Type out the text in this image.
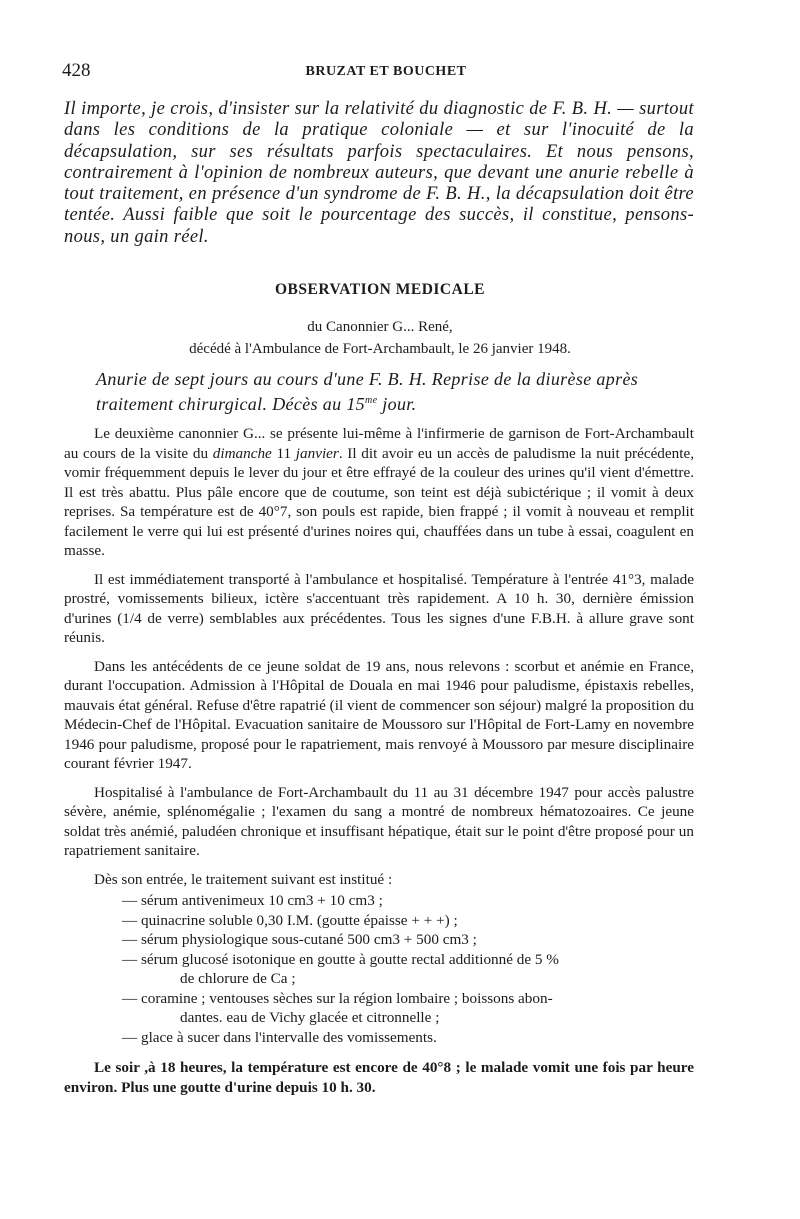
428	BRUZAT ET BOUCHET

Il importe, je crois, d'insister sur la relativité du diagnostic de F. B. H. — surtout dans les conditions de la pratique coloniale — et sur l'inocuité de la décapsulation, sur ses résultats parfois spectaculaires. Et nous pensons, contrairement à l'opinion de nombreux auteurs, que devant une anurie rebelle à tout traitement, en présence d'un syndrome de F. B. H., la décapsulation doit être tentée. Aussi faible que soit le pourcentage des succès, il constitue, pensons-nous, un gain réel.

OBSERVATION MEDICALE
du Canonnier G... René,
décédé à l'Ambulance de Fort-Archambault, le 26 janvier 1948.

Anurie de sept jours au cours d'une F. B. H. Reprise de la diurèse après traitement chirurgical. Décès au $15^{me}$ jour.

Le deuxième canonnier G... se présente lui-même à l'infirmerie de garnison de Fort-Archambault au cours de la visite du dimanche 11 janvier. Il dit avoir eu un accès de paludisme la nuit précédente, vomir fréquemment depuis le lever du jour et être effrayé de la couleur des urines qu'il vient d'émettre. Il est très abattu. Plus pâle encore que de coutume, son teint est déjà subictérique ; il vomit à deux reprises. Sa température est de 40°7, son pouls est rapide, bien frappé ; il vomit à nouveau et remplit facilement le verre qui lui est présenté d'urines noires qui, chauffées dans un tube à essai, coagulent en masse.

Il est immédiatement transporté à l'ambulance et hospitalisé. Température à l'entrée 41°3, malade prostré, vomissements bilieux, ictère s'accentuant très rapidement. A 10 h. 30, dernière émission d'urines (1/4 de verre) semblables aux précédentes. Tous les signes d'une F.B.H. à allure grave sont réunis.

Dans les antécédents de ce jeune soldat de 19 ans, nous relevons : scorbut et anémie en France, durant l'occupation. Admission à l'Hôpital de Douala en mai 1946 pour paludisme, épistaxis rebelles, mauvais état général. Refuse d'être rapatrié (il vient de commencer son séjour) malgré la proposition du Médecin-Chef de l'Hôpital. Evacuation sanitaire de Moussoro sur l'Hôpital de Fort-Lamy en novembre 1946 pour paludisme, proposé pour le rapatriement, mais renvoyé à Moussoro par mesure disciplinaire courant février 1947.

Hospitalisé à l'ambulance de Fort-Archambault du 11 au 31 décembre 1947 pour accès palustre sévère, anémie, splénomégalie ; l'examen du sang a montré de nombreux hématozoaires. Ce jeune soldat très anémié, paludéen chronique et insuffisant hépatique, était sur le point d'être proposé pour un rapatriement sanitaire.

Dès son entrée, le traitement suivant est institué :

— sérum antivenimeux 10 cm3 + 10 cm3 ;
— quinacrine soluble 0,30 I.M. (goutte épaisse + + +) ;
— sérum physiologique sous-cutané 500 cm3 + 500 cm3 ;
— sérum glucosé isotonique en goutte à goutte rectal additionné de 5 %
de chlorure de Ca ;
— coramine ; ventouses sèches sur la région lombaire ; boissons abon-
dantes. eau de Vichy glacée et citronnelle ;
— glace à sucer dans l'intervalle des vomissements.

Le soir ,à 18 heures, la température est encore de 40°8 ; le malade vomit une fois par heure environ. Plus une goutte d'urine depuis 10 h. 30.
